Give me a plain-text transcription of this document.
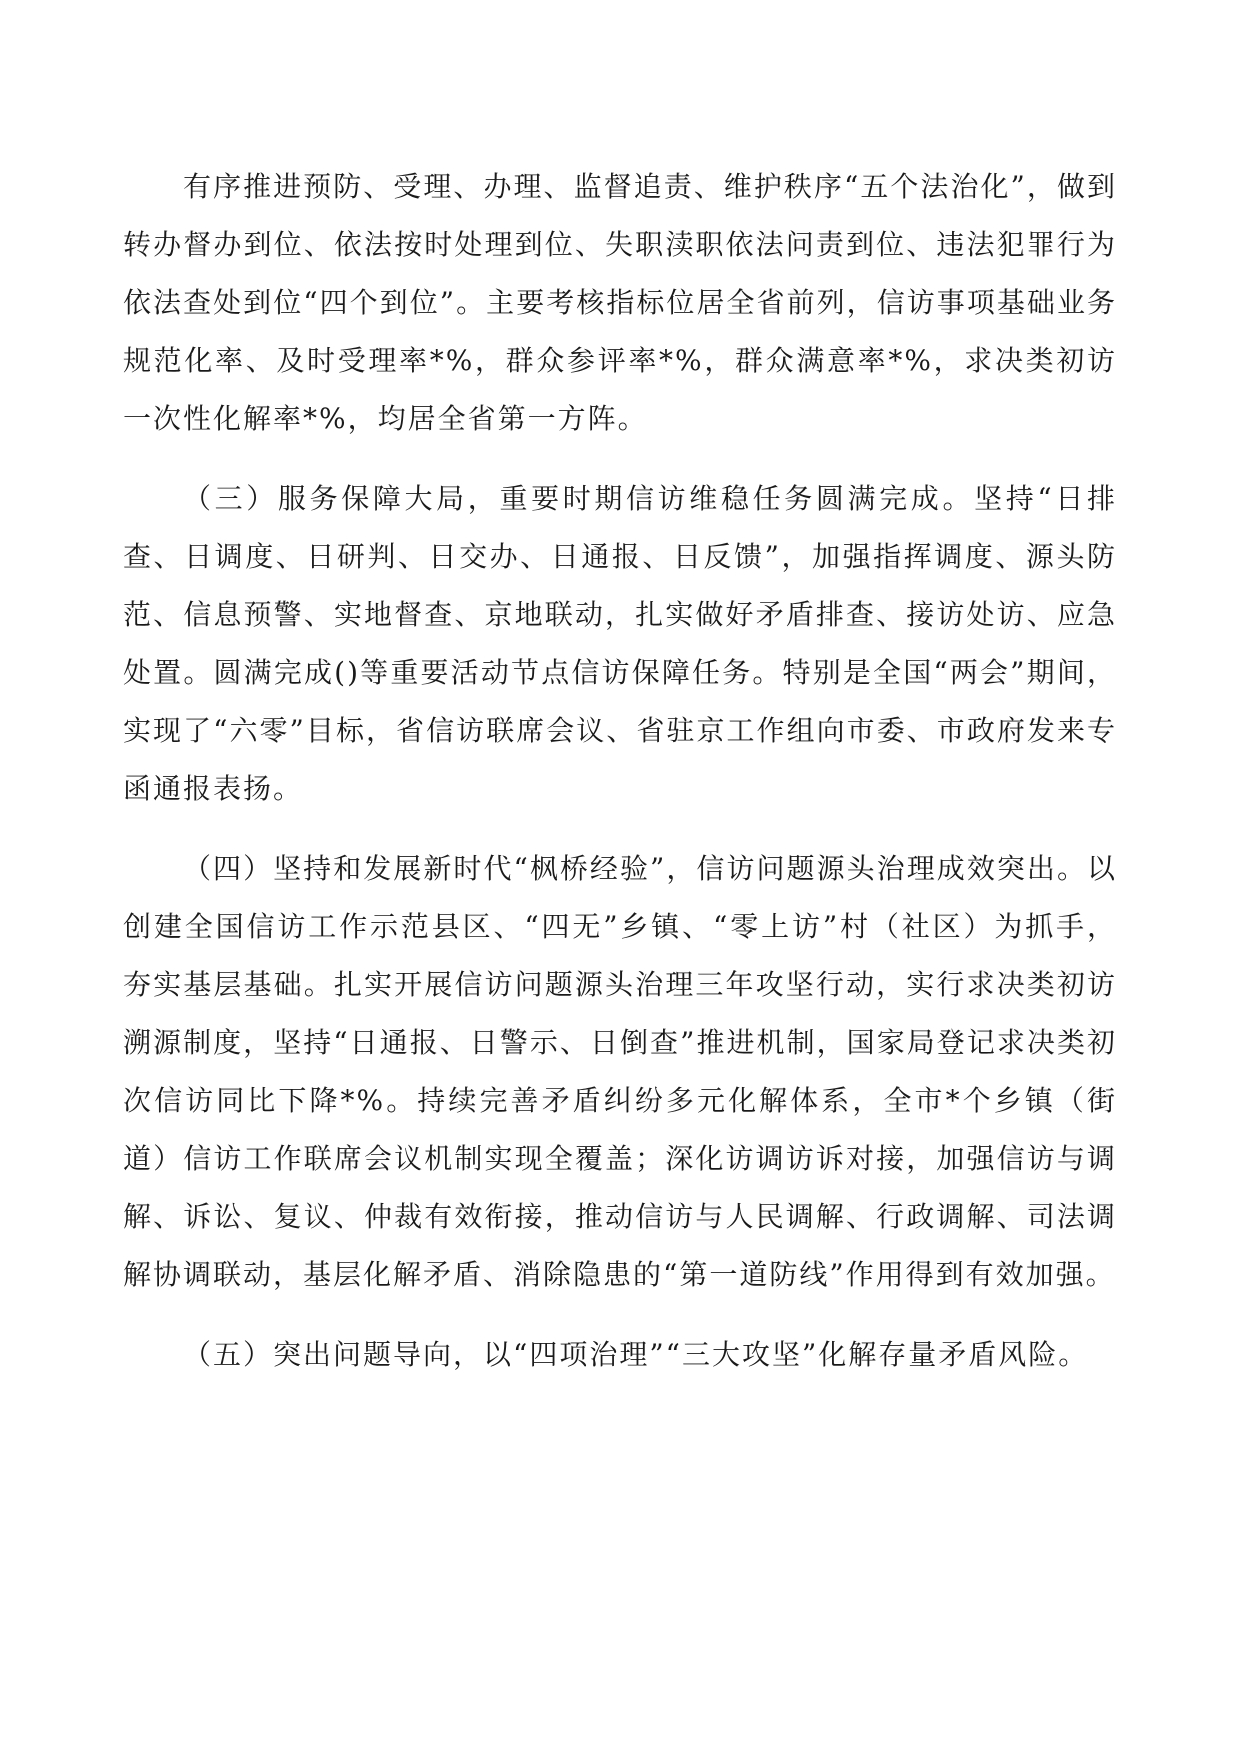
有序推进预防、受理、办理、监督追责、维护秩序“五个法治化”，做到转办督办到位、依法按时处理到位、失职渎职依法问责到位、违法犯罪行为依法查处到位“四个到位”。主要考核指标位居全省前列，信访事项基础业务规范化率、及时受理率*%，群众参评率*%，群众满意率*%，求决类初访一次性化解率*%，均居全省第一方阵。

（三）服务保障大局，重要时期信访维稳任务圆满完成。坚持“日排查、日调度、日研判、日交办、日通报、日反馈”，加强指挥调度、源头防范、信息预警、实地督查、京地联动，扎实做好矛盾排查、接访处访、应急处置。圆满完成()等重要活动节点信访保障任务。特别是全国“两会”期间，实现了“六零”目标，省信访联席会议、省驻京工作组向市委、市政府发来专函通报表扬。

（四）坚持和发展新时代“枫桥经验”，信访问题源头治理成效突出。以创建全国信访工作示范县区、“四无”乡镇、“零上访”村（社区）为抓手，夯实基层基础。扎实开展信访问题源头治理三年攻坚行动，实行求决类初访溯源制度，坚持“日通报、日警示、日倒查”推进机制，国家局登记求决类初次信访同比下降*%。持续完善矛盾纠纷多元化解体系，全市*个乡镇（街道）信访工作联席会议机制实现全覆盖；深化访调访诉对接，加强信访与调解、诉讼、复议、仲裁有效衔接，推动信访与人民调解、行政调解、司法调解协调联动，基层化解矛盾、消除隐患的“第一道防线”作用得到有效加强。

（五）突出问题导向，以“四项治理”“三大攻坚”化解存量矛盾风险。
